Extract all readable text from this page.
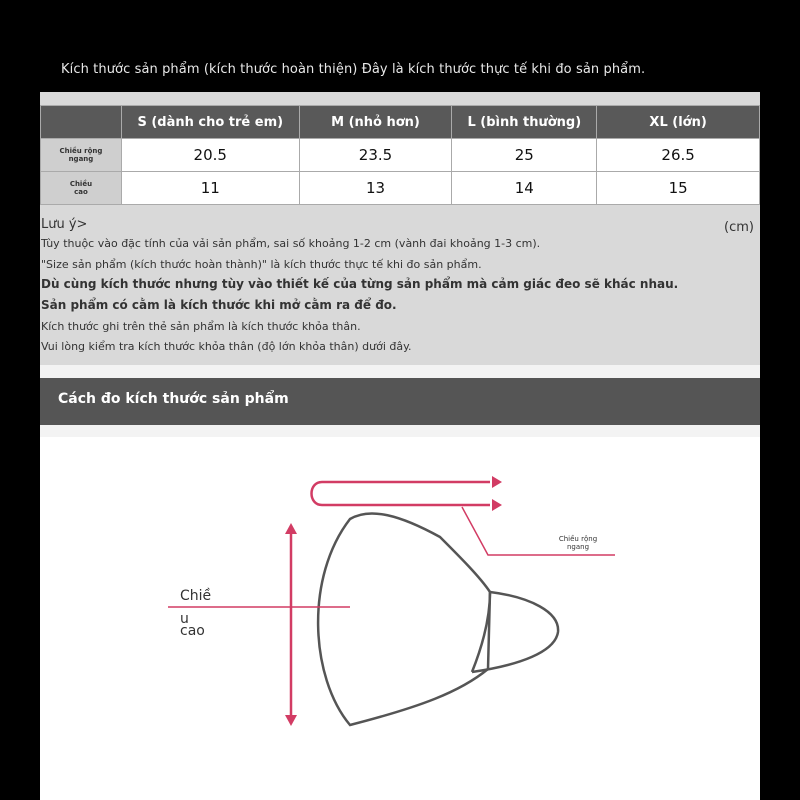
Kích thước sản phẩm (kích thước hoàn thiện) Đây là kích thước thực tế khi đo sản phẩm.
	S (dành cho trẻ em)	M (nhỏ hơn)	L (bình thường)	XL (lớn)

Chiều rộng
ngang	20.5	23.5	25	26.5

Chiều
cao	11	13	14	15
Lưu ý>	(cm)
Tùy thuộc vào đặc tính của vải sản phẩm, sai số khoảng 1-2 cm (vành đai khoảng 1-3 cm).
"Size sản phẩm (kích thước hoàn thành)" là kích thước thực tế khi đo sản phẩm.
Dù cùng kích thước nhưng tùy vào thiết kế của từng sản phẩm mà cảm giác đeo sẽ khác nhau.
Sản phẩm có cằm là kích thước khi mở cằm ra để đo.
Kích thước ghi trên thẻ sản phẩm là kích thước khỏa thân.
Vui lòng kiểm tra kích thước khỏa thân (độ lớn khỏa thân) dưới đây.
Cách đo kích thước sản phẩm
Chiều rộng
ngang
Chiề
u
cao
